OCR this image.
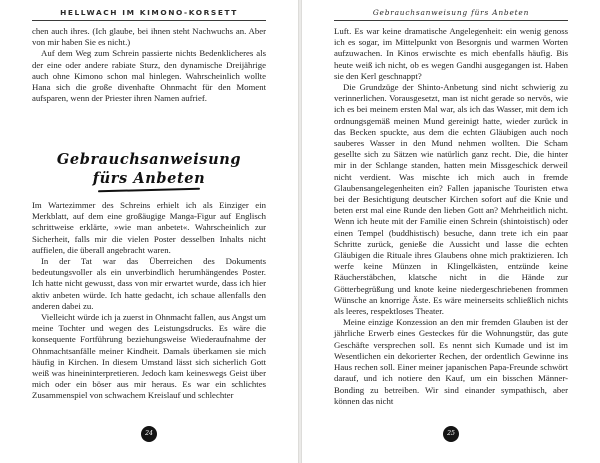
HELLWACH IM KIMONO-KORSETT

chen auch ihres. (Ich glaube, bei ihnen steht Nachwuchs an. Aber von mir haben Sie es nicht.)

Auf dem Weg zum Schrein passierte nichts Bedenklicheres als der eine oder andere rabiate Sturz, den dynamische Dreijährige auch ohne Kimono schon mal hinlegen. Wahrscheinlich wollte Hana sich die große divenhafte Ohnmacht für den Moment aufsparen, wenn der Priester ihren Namen aufrief.

Gebrauchsanweisung
fürs Anbeten

Im Wartezimmer des Schreins erhielt ich als Einziger ein Merkblatt, auf dem eine großäugige Manga-Figur auf Englisch schrittweise erklärte, »wie man anbetet«. Wahrscheinlich zur Sicherheit, falls mir die vielen Poster desselben Inhalts nicht auffielen, die überall angebracht waren.

In der Tat war das Überreichen des Dokuments bedeutungsvoller als ein unverbindlich herumhängendes Poster. Ich hatte nicht gewusst, dass von mir erwartet wurde, dass ich hier aktiv anbeten würde. Ich hatte gedacht, ich schaue allenfalls den anderen dabei zu.

Vielleicht würde ich ja zuerst in Ohnmacht fallen, aus Angst um meine Tochter und wegen des Leistungsdrucks. Es wäre die konsequente Fortführung beziehungsweise Wiederaufnahme der Ohnmachtsanfälle meiner Kindheit. Damals überkamen sie mich häufig in Kirchen. In diesem Umstand lässt sich sicherlich Gott weiß was hineininterpretieren. Jedoch kam keineswegs Geist über mich oder ein böser aus mir heraus. Es war ein schlichtes Zusammenspiel von schwachem Kreislauf und schlechter

24
Gebrauchsanweisung fürs Anbeten

Luft. Es war keine dramatische Angelegenheit: ein wenig genoss ich es sogar, im Mittelpunkt von Besorgnis und warmen Worten aufzuwachen. In Kinos erwischte es mich ebenfalls häufig. Bis heute weiß ich nicht, ob es wegen Gandhi ausgegangen ist. Haben sie den Kerl geschnappt?

Die Grundzüge der Shinto-Anbetung sind nicht schwierig zu verinnerlichen. Vorausgesetzt, man ist nicht gerade so nervös, wie ich es bei meinem ersten Mal war, als ich das Wasser, mit dem ich ordnungsgemäß meinen Mund gereinigt hatte, wieder zurück in das Becken spuckte, aus dem die echten Gläubigen auch noch sauberes Wasser in den Mund nehmen wollten. Die Scham gesellte sich zu Sätzen wie natürlich ganz recht. Die, die hinter mir in der Schlange standen, hatten mein Missgeschick derweil nicht verdient. Was mischte ich mich auch in fremde Glaubensangelegenheiten ein? Fallen japanische Touristen etwa bei der Besichtigung deutscher Kirchen sofort auf die Knie und beten erst mal eine Runde den lieben Gott an? Mehrheitlich nicht. Wenn ich heute mit der Familie einen Schrein (shintoistisch) oder einen Tempel (buddhistisch) besuche, dann trete ich ein paar Schritte zurück, genieße die Aussicht und lasse die echten Gläubigen die Rituale ihres Glaubens ohne mich praktizieren. Ich werfe keine Münzen in Klingelkästen, entzünde keine Räucherstäbchen, klatsche nicht in die Hände zur Götterbegrüßung und knote keine niedergeschriebenen frommen Wünsche an knorrige Äste. Es wäre meinerseits schließlich nichts als leeres, respektloses Theater.

Meine einzige Konzession an den mir fremden Glauben ist der jährliche Erwerb eines Gesteckes für die Wohnungstür, das gute Geschäfte versprechen soll. Es nennt sich Kumade und ist im Wesentlichen ein dekorierter Rechen, der ordentlich Gewinne ins Haus rechen soll. Einer meiner japanischen Papa-Freunde schwört darauf, und ich notiere den Kauf, um ein bisschen Männer-Bonding zu betreiben. Wir sind einander sympathisch, aber können das nicht

25
